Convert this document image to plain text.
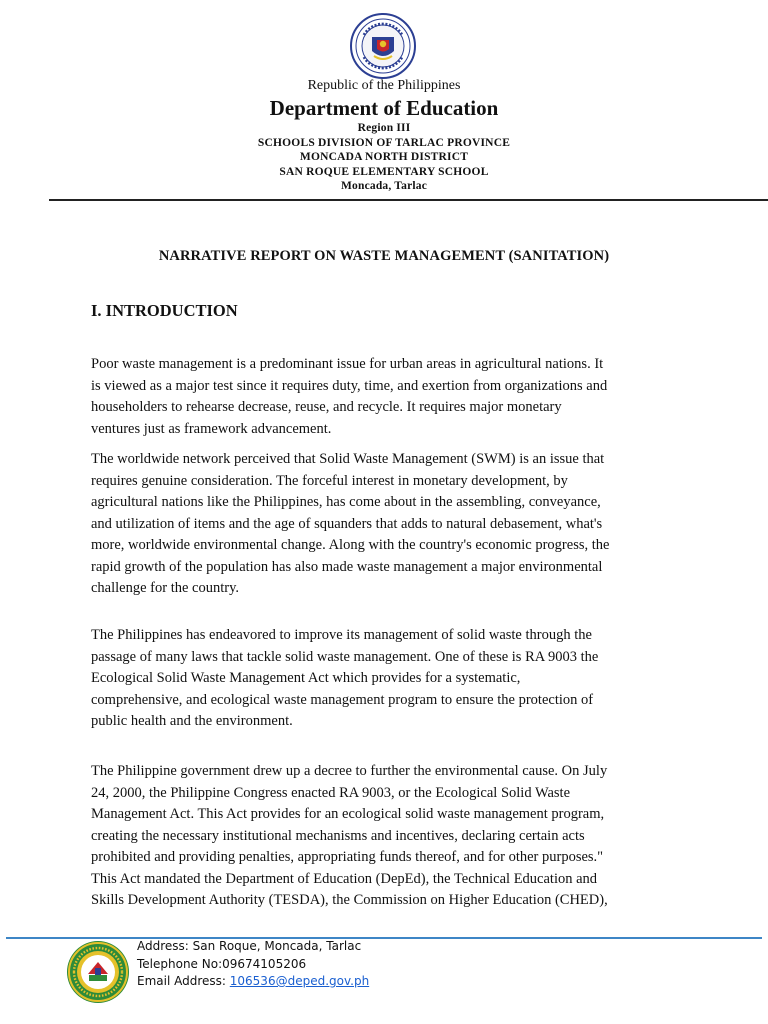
Republic of the Philippines
Department of Education
Region III
SCHOOLS DIVISION OF TARLAC PROVINCE
MONCADA NORTH DISTRICT
SAN ROQUE ELEMENTARY SCHOOL
Moncada, Tarlac
NARRATIVE REPORT ON WASTE MANAGEMENT (SANITATION)
I. INTRODUCTION
Poor waste management is a predominant issue for urban areas in agricultural nations. It
is viewed as a major test since it requires duty, time, and exertion from organizations and
householders to rehearse decrease, reuse, and recycle. It requires major monetary
ventures just as framework advancement.
The worldwide network perceived that Solid Waste Management (SWM) is an issue that
requires genuine consideration. The forceful interest in monetary development, by
agricultural nations like the Philippines, has come about in the assembling, conveyance,
and utilization of items and the age of squanders that adds to natural debasement, what's
more, worldwide environmental change. Along with the country's economic progress, the
rapid growth of the population has also made waste management a major environmental
challenge for the country.
The Philippines has endeavored to improve its management of solid waste through the
passage of many laws that tackle solid waste management. One of these is RA 9003 the
Ecological Solid Waste Management Act which provides for a systematic,
comprehensive, and ecological waste management program to ensure the protection of
public health and the environment.
The Philippine government drew up a decree to further the environmental cause. On July
24, 2000, the Philippine Congress enacted RA 9003, or the Ecological Solid Waste
Management Act. This Act provides for an ecological solid waste management program,
creating the necessary institutional mechanisms and incentives, declaring certain acts
prohibited and providing penalties, appropriating funds thereof, and for other purposes."
This Act mandated the Department of Education (DepEd), the Technical Education and
Skills Development Authority (TESDA), the Commission on Higher Education (CHED),
Address: San Roque, Moncada, Tarlac
Telephone No:09674105206
Email Address: 106536@deped.gov.ph
